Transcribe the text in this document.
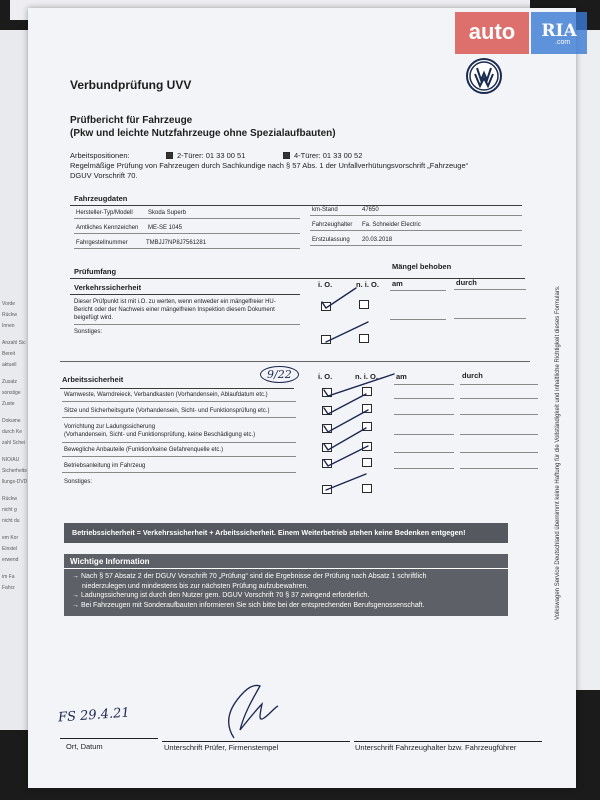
Vorde
Rückw
Innen
Anzahl Sic
Bereit
aktuell
Zusatz
sonstige
Zuste
Dokume
durch Ke
zahl Schei
NIO/AU
Sicherheits
llungs-DVD
Rückw
nicht g
nicht du
em Kor
Einstel
erwend
im Fa
Fahrz
Verbundprüfung UVV
Prüfbericht für Fahrzeuge
(Pkw und leichte Nutzfahrzeuge ohne Spezialaufbauten)
Arbeitspositionen:	2-Türer: 01 33 00 51	4-Türer: 01 33 00 52
Regelmäßige Prüfung von Fahrzeugen durch Sachkundige nach § 57 Abs. 1 der Unfallverhütungsvorschrift „Fahrzeuge“
DGUV Vorschrift 70.
Fahrzeugdaten
Hersteller-Typ/Modell	Skoda Superb	km-Stand	47650
Amtliches Kennzeichen ME-SE 1045	Fahrzeughalter Fa. Schneider Electric
Fahrgestellnummer	TMBJJ7NP8J7561281	Erstzulassung 20.03.2018
Prüfumfang
Mängel behoben
Verkehrssicherheit	i. O.	n. i. O. am	durch
Dieser Prüfpunkt ist mit i.O. zu werten, wenn entweder ein mängelfreier HU-
Bericht oder der Nachweis einer mängelfreien Inspektion diesem Dokument
beigefügt wird.
Sonstiges:
Arbeitssicherheit	9/22	i. O.	n. i. O. am	durch
Warnweste, Warndreieck, Verbandkasten (Vorhandensein, Ablaufdatum etc.)
Sitze und Sicherheitsgurte (Vorhandensein, Sicht- und Funktionsprüfung etc.)
Vorrichtung zur Ladungssicherung
(Vorhandensein, Sicht- und Funktionsprüfung, keine Beschädigung etc.)
Bewegliche Anbauteile (Funktion/keine Gefahrenquelle etc.)
Betriebsanleitung im Fahrzeug
Sonstiges:
Betriebssicherheit = Verkehrssicherheit + Arbeitssicherheit. Einem Weiterbetrieb stehen keine Bedenken entgegen!
Wichtige Information
→ Nach § 57 Absatz 2 der DGUV Vorschrift 70 „Prüfung“ sind die Ergebnisse der Prüfung nach Absatz 1 schriftlich
niederzulegen und mindestens bis zur nächsten Prüfung aufzubewahren.
→ Ladungssicherung ist durch den Nutzer gem. DGUV Vorschrift 70 § 37 zwingend erforderlich.
→ Bei Fahrzeugen mit Sonderaufbauten informieren Sie sich bitte bei der entsprechenden Berufsgenossenschaft.
FS 29.4.21
Ort, Datum	Unterschrift Prüfer, Firmenstempel	Unterschrift Fahrzeughalter bzw. Fahrzeugführer
Volkswagen Service Deutschland übernimmt keine Haftung für die Vollständigkeit und inhaltliche Richtigkeit dieses Formulars.
auto	RIA
.com
